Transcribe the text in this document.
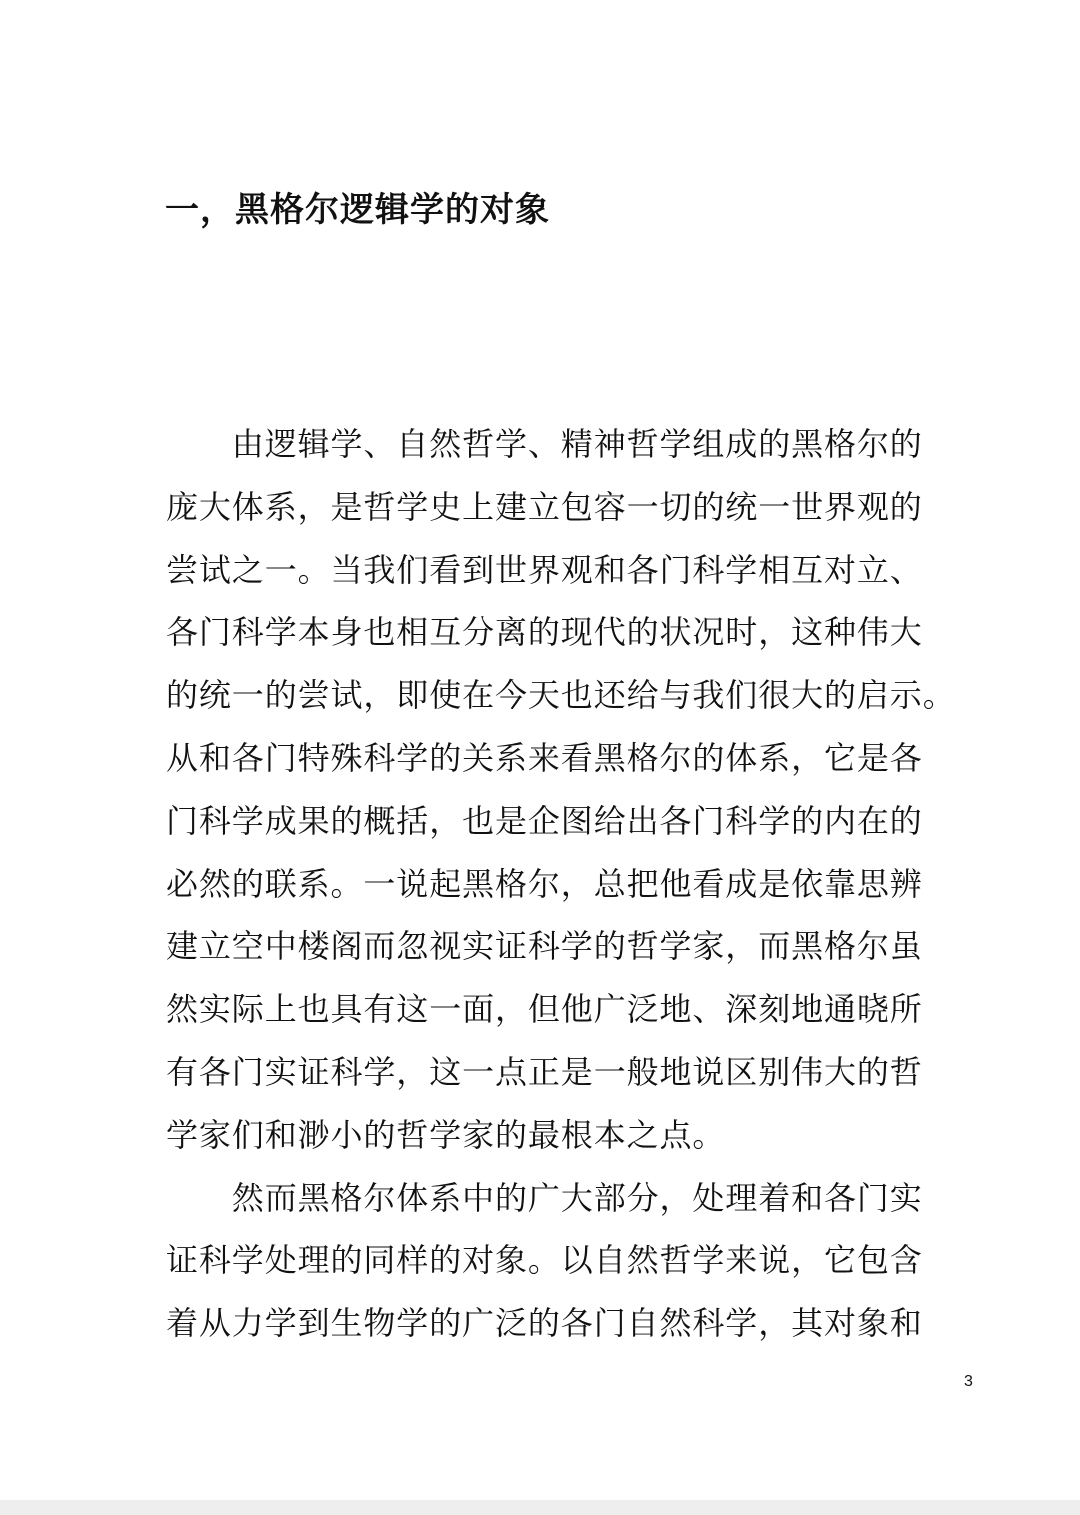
一，黑格尔逻辑学的对象
　　由逻辑学、自然哲学、精神哲学组成的黑格尔的
庞大体系，是哲学史上建立包容一切的统一世界观的
尝试之一。当我们看到世界观和各门科学相互对立、
各门科学本身也相互分离的现代的状况时，这种伟大
的统一的尝试，即使在今天也还给与我们很大的启示。
从和各门特殊科学的关系来看黑格尔的体系，它是各
门科学成果的概括，也是企图给出各门科学的内在的
必然的联系。一说起黑格尔，总把他看成是依靠思辨
建立空中楼阁而忽视实证科学的哲学家，而黑格尔虽
然实际上也具有这一面，但他广泛地、深刻地通晓所
有各门实证科学，这一点正是一般地说区别伟大的哲
学家们和渺小的哲学家的最根本之点。
　　然而黑格尔体系中的广大部分，处理着和各门实
证科学处理的同样的对象。以自然哲学来说，它包含
着从力学到生物学的广泛的各门自然科学，其对象和
3
